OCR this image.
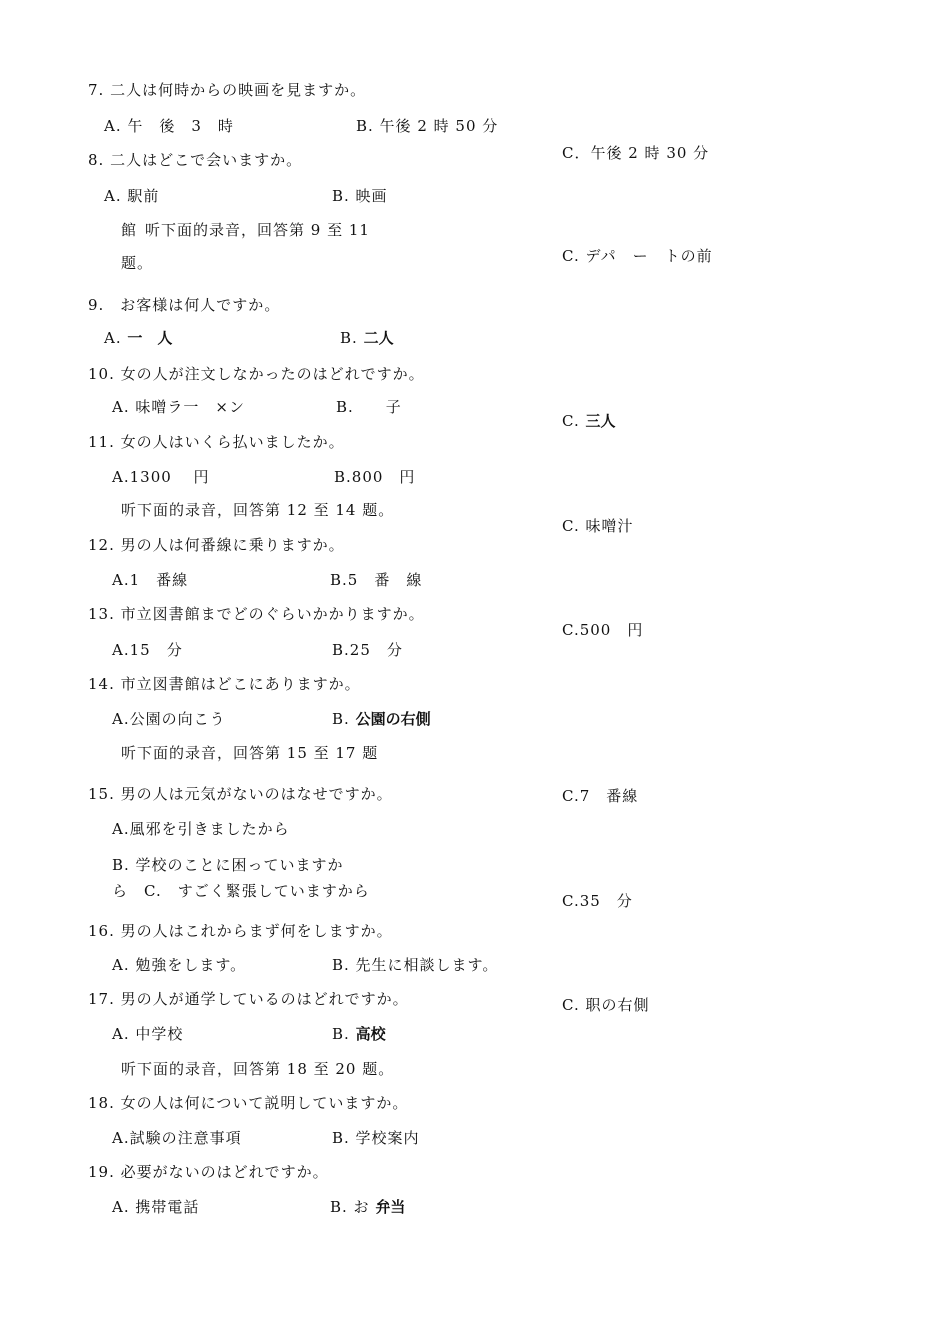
7. 二人は何時からの映画を見ますか。
A. 午　後　3　時	B. 午後 2 時 50 分
C．午後 2 時 30 分
8. 二人はどこで会いますか。
A. 駅前	B. 映画
館 听下面的录音，回答第 9 至 11
题。	C. デパ　ー　トの前
9.　お客様は何人ですか。
A. 一　人	B. 二人
C. 三人
10. 女の人が注文しなかったのはどれですか。
A. 味噌ラ一　×ン	B.　　子
C. 味噌汁
11. 女の人はいくら払いましたか。
A.1300　 円	B.800　円
C.500　円
听下面的录音，回答第 12 至 14 题。
12. 男の人は何番線に乗りますか。
A.1　番線	B.5　番　線
C.7　番線
13. 市立図書館までどのぐらいかかりますか。
A.15　分	B.25　分
C.35　分
14. 市立図書館はどこにありますか。
A.公園の向こう	B. 公園の右側
C. 职の右側
听下面的录音，回答第 15 至 17 题
15. 男の人は元気がないのはなせですか。
A.風邪を引きましたから
B. 学校のことに困っていますか
ら　C.　すごく緊張していますから
16. 男の人はこれからまず何をしますか。
A. 勉強をします。	B. 先生に相談します。
17. 男の人が通学しているのはどれですか。
A. 中学校	B. 高校
听下面的录音，回答第 18 至 20 题。
18. 女の人は何について説明していますか。
A.試験の注意事項	B. 学校案内
19. 必要がないのはどれですか。
A. 携帯電話	B. お 弁当
